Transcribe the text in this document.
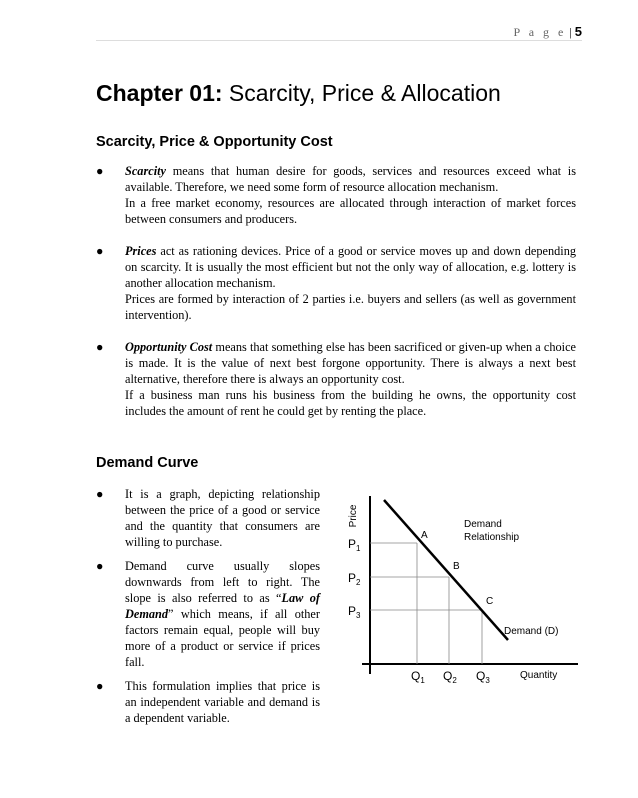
P a g e | 5
Chapter 01: Scarcity, Price & Allocation
Scarcity, Price & Opportunity Cost
● Scarcity means that human desire for goods, services and resources exceed what is available. Therefore, we need some form of resource allocation mechanism.

In a free market economy, resources are allocated through interaction of market forces between consumers and producers.

● Prices act as rationing devices. Price of a good or service moves up and down depending on scarcity. It is usually the most efficient but not the only way of allocation, e.g. lottery is another allocation mechanism.

Prices are formed by interaction of 2 parties i.e. buyers and sellers (as well as government intervention).

● Opportunity Cost means that something else has been sacrificed or given-up when a choice is made. It is the value of next best forgone opportunity. There is always a next best alternative, therefore there is always an opportunity cost.

If a business man runs his business from the building he owns, the opportunity cost includes the amount of rent he could get by renting the place.

Demand Curve
● It is a graph, depicting relationship between the price of a good or service and the quantity that consumers are willing to purchase.

● Demand curve usually slopes downwards from left to right. The slope is also referred to as “Law of Demand” which means, if all other factors remain equal, people will buy more of a product or service if prices fall.

● This formulation implies that price is an independent variable and demand is a dependent variable.

Price
Quantity
$P_1$
$P_2$
$P_3$
$Q_1$ $Q_2$ $Q_3$
A
B
C
Demand
Relationship
Demand (D)
